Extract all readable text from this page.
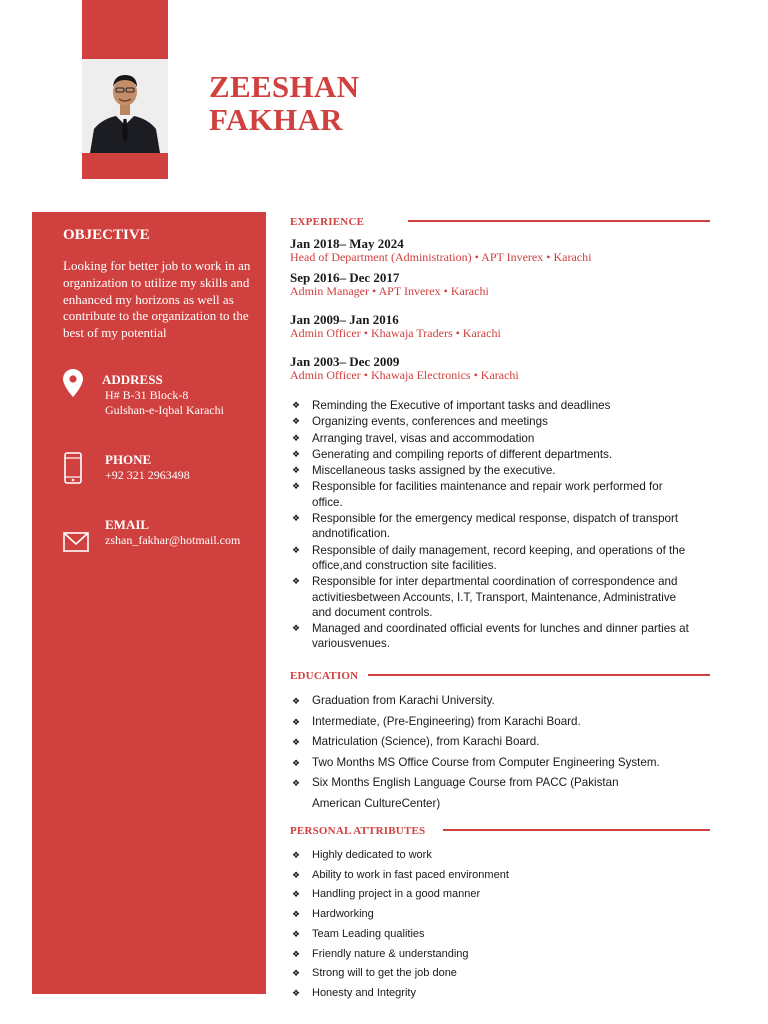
ZEESHAN
FAKHAR
OBJECTIVE
Looking for better job to work in an organization to utilize my skills and enhanced my horizons as well as contribute to the organization to the best of my potential
ADDRESS
H# B-31 Block-8
Gulshan-e-Iqbal Karachi
PHONE
+92 321 2963498
EMAIL
zshan_fakhar@hotmail.com
EXPERIENCE
Jan 2018– May 2024
Head of Department (Administration) • APT Inverex • Karachi
Sep 2016– Dec 2017
Admin Manager • APT Inverex • Karachi
Jan 2009– Jan 2016
Admin Officer • Khawaja Traders • Karachi
Jan 2003– Dec 2009
Admin Officer • Khawaja Electronics • Karachi
❖ Reminding the Executive of important tasks and deadlines
❖ Organizing events, conferences and meetings
❖ Arranging travel, visas and accommodation
❖ Generating and compiling reports of different departments.
❖ Miscellaneous tasks assigned by the executive.
❖ Responsible for facilities maintenance and repair work performed for office.
❖ Responsible for the emergency medical response, dispatch of transport andnotification.
❖ Responsible of daily management, record keeping, and operations of the office,and construction site facilities.
❖ Responsible for inter departmental coordination of correspondence and activitiesbetween Accounts, I.T, Transport, Maintenance, Administrative and document controls.
❖ Managed and coordinated official events for lunches and dinner parties at variousvenues.
EDUCATION
❖ Graduation from Karachi University.
❖ Intermediate, (Pre-Engineering) from Karachi Board.
❖ Matriculation (Science), from Karachi Board.
❖ Two Months MS Office Course from Computer Engineering System.
❖ Six Months English Language Course from PACC (Pakistan American CultureCenter)
PERSONAL ATTRIBUTES
❖ Highly dedicated to work
❖ Ability to work in fast paced environment
❖ Handling project in a good manner
❖ Hardworking
❖ Team Leading qualities
❖ Friendly nature & understanding
❖ Strong will to get the job done
❖ Honesty and Integrity
